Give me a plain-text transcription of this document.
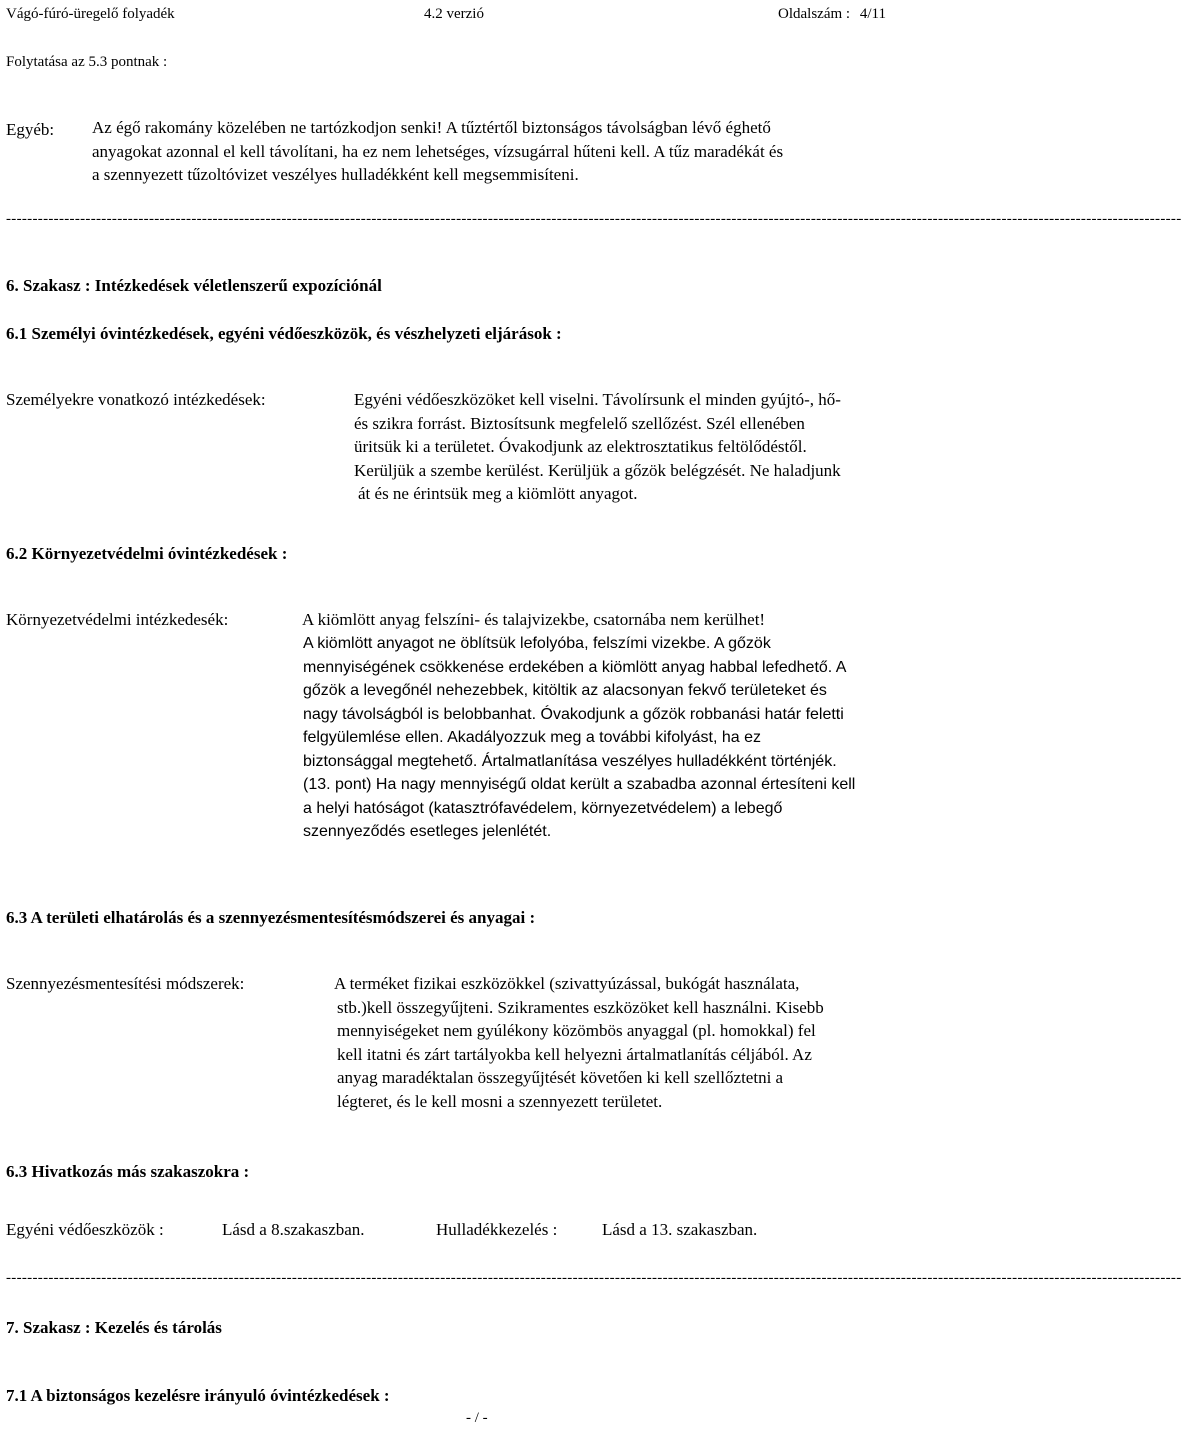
Vágó-fúró-üregelő folyadék	4.2 verzió	Oldalszám : 4/11
Folytatása az 5.3 pontnak :
Egyéb: Az égő rakomány közelében ne tartózkodjon senki! A tűztértől biztonságos távolságban lévő éghető
anyagokat azonnal el kell távolítani, ha ez nem lehetséges, vízsugárral hűteni kell. A tűz maradékát és
a szennyezett tűzoltóvizet veszélyes hulladékként kell megsemmisíteni.
------------------------------------------------------------------------------------------------------------------------------------------------------------------------------------------------------------------------------
6. Szakasz : Intézkedések véletlenszerű expozíciónál
6.1 Személyi óvintézkedések, egyéni védőeszközök, és vészhelyzeti eljárások :
Személyekre vonatkozó intézkedések:	Egyéni védőeszközöket kell viselni. Távolírsunk el minden gyújtó-, hő-
és szikra forrást. Biztosítsunk megfelelő szellőzést. Szél ellenében
üritsük ki a területet. Óvakodjunk az elektrosztatikus feltölődéstől.
Kerüljük a szembe kerülést. Kerüljük a gőzök belégzését. Ne haladjunk
át és ne érintsük meg a kiömlött anyagot.
6.2 Környezetvédelmi óvintézkedések :
Környezetvédelmi intézkedesék:	A kiömlött anyag felszíni- és talajvizekbe, csatornába nem kerülhet!
A kiömlött anyagot ne öblítsük lefolyóba, felszími vizekbe. A gőzök
mennyiségének csökkenése erdekében a kiömlött anyag habbal lefedhető. A
gőzök a levegőnél nehezebbek, kitöltik az alacsonyan fekvő területeket és
nagy távolságból is belobbanhat. Óvakodjunk a gőzök robbanási határ feletti
felgyülemlése ellen. Akadályozzuk meg a további kifolyást, ha ez
biztonsággal megtehető. Ártalmatlanítása veszélyes hulladékként történjék.
(13. pont) Ha nagy mennyiségű oldat került a szabadba azonnal értesíteni kell
a helyi hatóságot (katasztrófavédelem, környezetvédelem) a lebegő
szennyeződés esetleges jelenlétét.
6.3 A területi elhatárolás és a szennyezésmentesítésmódszerei és anyagai :
Szennyezésmentesítési módszerek:	A terméket fizikai eszközökkel (szivattyúzással, bukógát használata,
stb.)kell összegyűjteni. Szikramentes eszközöket kell használni. Kisebb
mennyiségeket nem gyúlékony közömbös anyaggal (pl. homokkal) fel
kell itatni és zárt tartályokba kell helyezni ártalmatlanítás céljából. Az
anyag maradéktalan összegyűjtését követően ki kell szellőztetni a
légteret, és le kell mosni a szennyezett területet.
6.3 Hivatkozás más szakaszokra :
Egyéni védőeszközök :	Lásd a 8.szakaszban.	Hulladékkezelés :	Lásd a 13. szakaszban.
------------------------------------------------------------------------------------------------------------------------------------------------------------------------------------------------------------------------------
7. Szakasz : Kezelés és tárolás
7.1 A biztonságos kezelésre irányuló óvintézkedések :
- / -
